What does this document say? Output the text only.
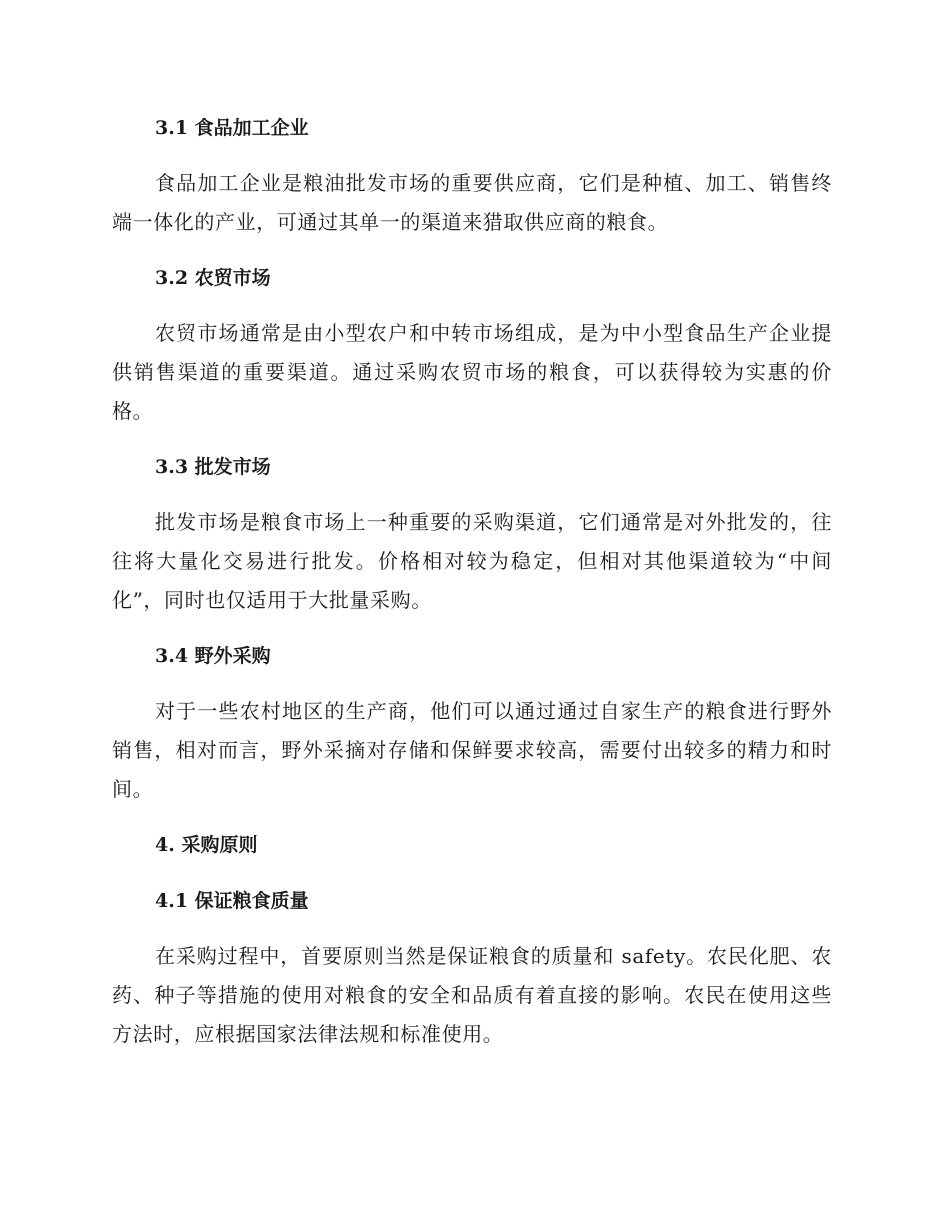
3.1 食品加工企业

食品加工企业是粮油批发市场的重要供应商，它们是种植、加工、销售终端一体化的产业，可通过其单一的渠道来猎取供应商的粮食。

3.2 农贸市场

农贸市场通常是由小型农户和中转市场组成，是为中小型食品生产企业提供销售渠道的重要渠道。通过采购农贸市场的粮食，可以获得较为实惠的价格。

3.3 批发市场

批发市场是粮食市场上一种重要的采购渠道，它们通常是对外批发的，往往将大量化交易进行批发。价格相对较为稳定，但相对其他渠道较为“中间化”，同时也仅适用于大批量采购。

3.4 野外采购

对于一些农村地区的生产商，他们可以通过通过自家生产的粮食进行野外销售，相对而言，野外采摘对存储和保鲜要求较高，需要付出较多的精力和时间。

4. 采购原则
4.1 保证粮食质量

在采购过程中，首要原则当然是保证粮食的质量和 safety。农民化肥、农药、种子等措施的使用对粮食的安全和品质有着直接的影响。农民在使用这些方法时，应根据国家法律法规和标准使用。
